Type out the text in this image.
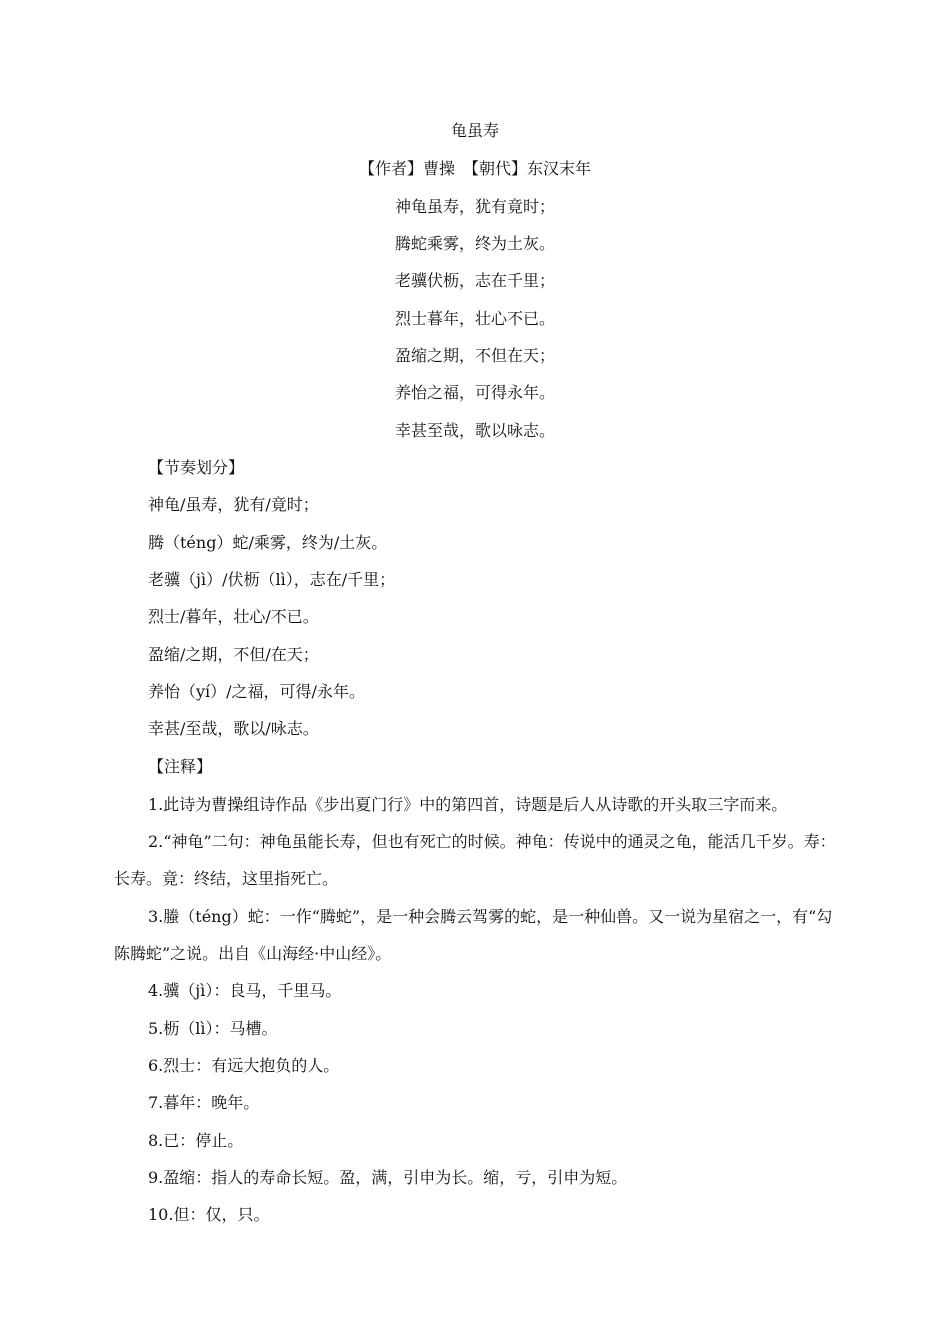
龟虽寿
【作者】曹操　【朝代】东汉末年
神龟虽寿，犹有竟时；
腾蛇乘雾，终为土灰。
老骥伏枥，志在千里；
烈士暮年，壮心不已。
盈缩之期，不但在天；
养怡之福，可得永年。
幸甚至哉，歌以咏志。
【节奏划分】
神龟/虽寿，犹有/竟时；
腾（téng）蛇/乘雾，终为/土灰。
老骥（jì）/伏枥（lì），志在/千里；
烈士/暮年，壮心/不已。
盈缩/之期，不但/在天；
养怡（yí）/之福，可得/永年。
幸甚/至哉，歌以/咏志。
【注释】
1.此诗为曹操组诗作品《步出夏门行》中的第四首，诗题是后人从诗歌的开头取三字而来。
2.“神龟”二句：神龟虽能长寿，但也有死亡的时候。神龟：传说中的通灵之龟，能活几千岁。寿：长寿。竟：终结，这里指死亡。
3.螣（téng）蛇：一作“腾蛇”，是一种会腾云驾雾的蛇，是一种仙兽。又一说为星宿之一，有“勾陈腾蛇”之说。出自《山海经·中山经》。
4.骥（jì）：良马，千里马。
5.枥（lì）：马槽。
6.烈士：有远大抱负的人。
7.暮年：晚年。
8.已：停止。
9.盈缩：指人的寿命长短。盈，满，引申为长。缩，亏，引申为短。
10.但：仅，只。
